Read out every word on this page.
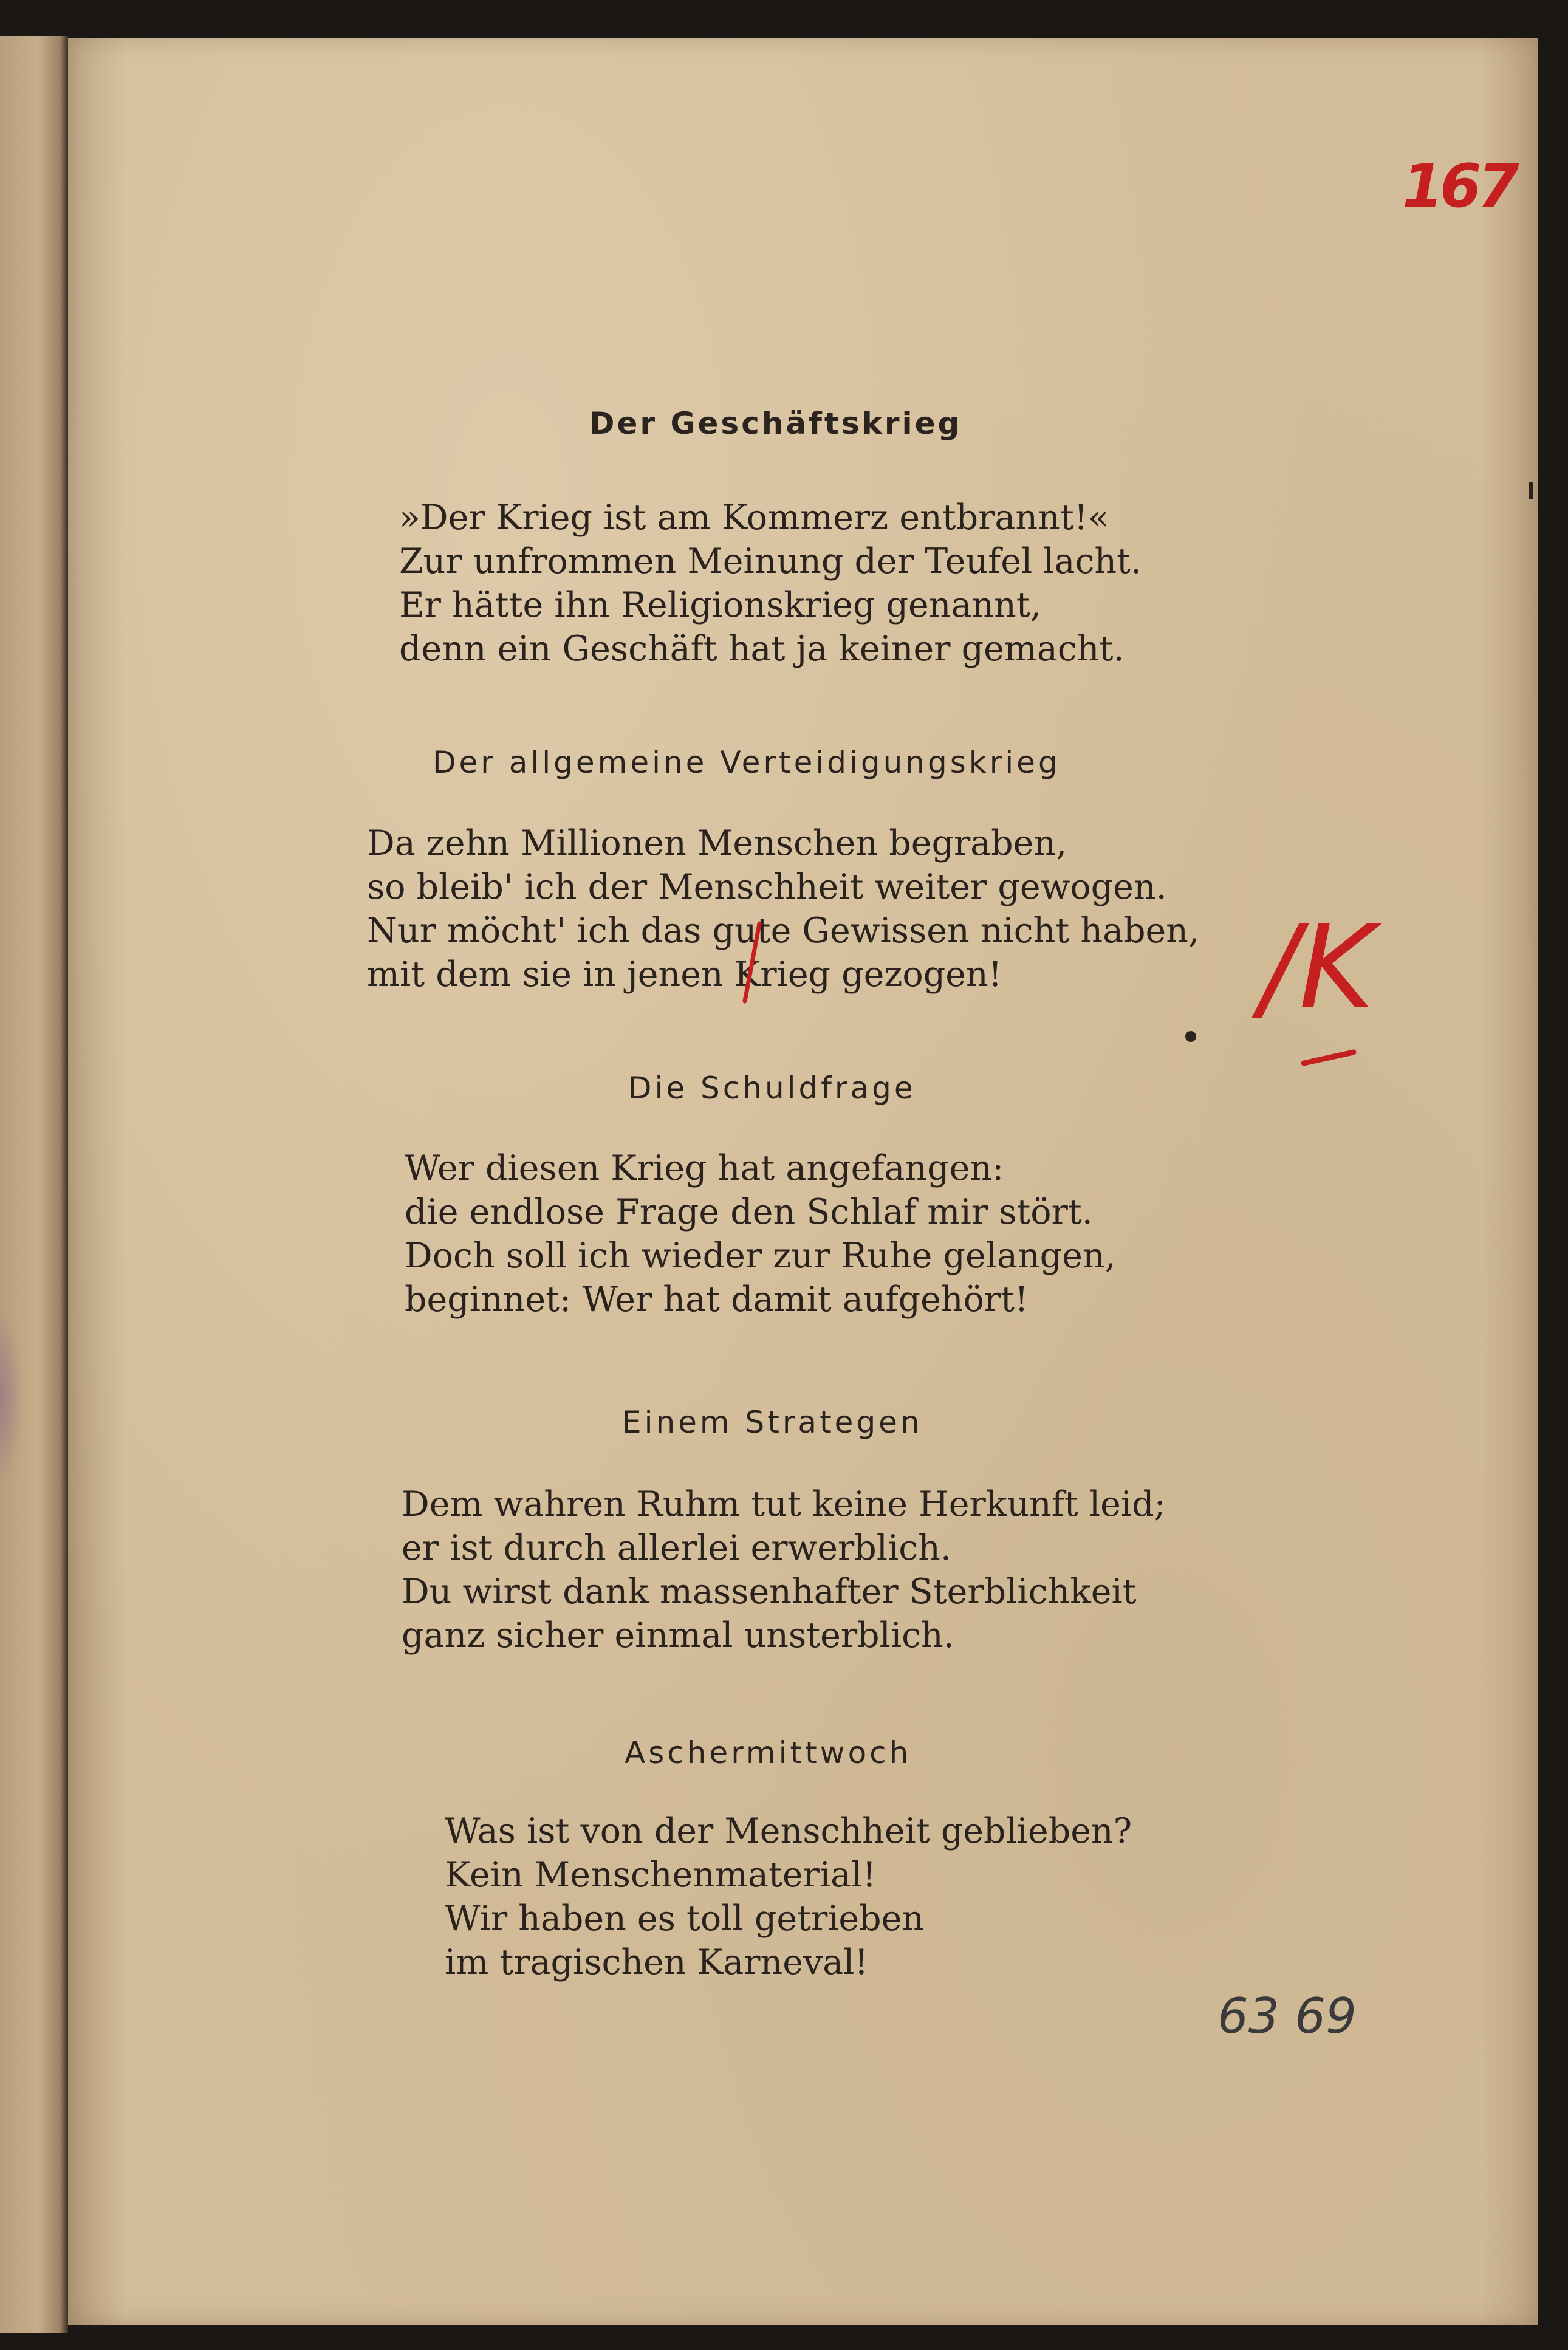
167
Der Geschäftskrieg
»Der Krieg ist am Kommerz entbrannt!«
Zur unfrommen Meinung der Teufel lacht.
Er hätte ihn Religionskrieg genannt,
denn ein Geschäft hat ja keiner gemacht.
Der allgemeine Verteidigungskrieg
Da zehn Millionen Menschen begraben,
so bleib' ich der Menschheit weiter gewogen.
Nur möcht' ich das gute Gewissen nicht haben,
mit dem sie in jenen Krieg gezogen!	/K
Die Schuldfrage
Wer diesen Krieg hat angefangen:
die endlose Frage den Schlaf mir stört.
Doch soll ich wieder zur Ruhe gelangen,
beginnet: Wer hat damit aufgehört!
Einem Strategen
Dem wahren Ruhm tut keine Herkunft leid;
er ist durch allerlei erwerblich.
Du wirst dank massenhafter Sterblichkeit
ganz sicher einmal unsterblich.
Aschermittwoch
Was ist von der Menschheit geblieben?
Kein Menschenmaterial!
Wir haben es toll getrieben
im tragischen Karneval!
63 69
